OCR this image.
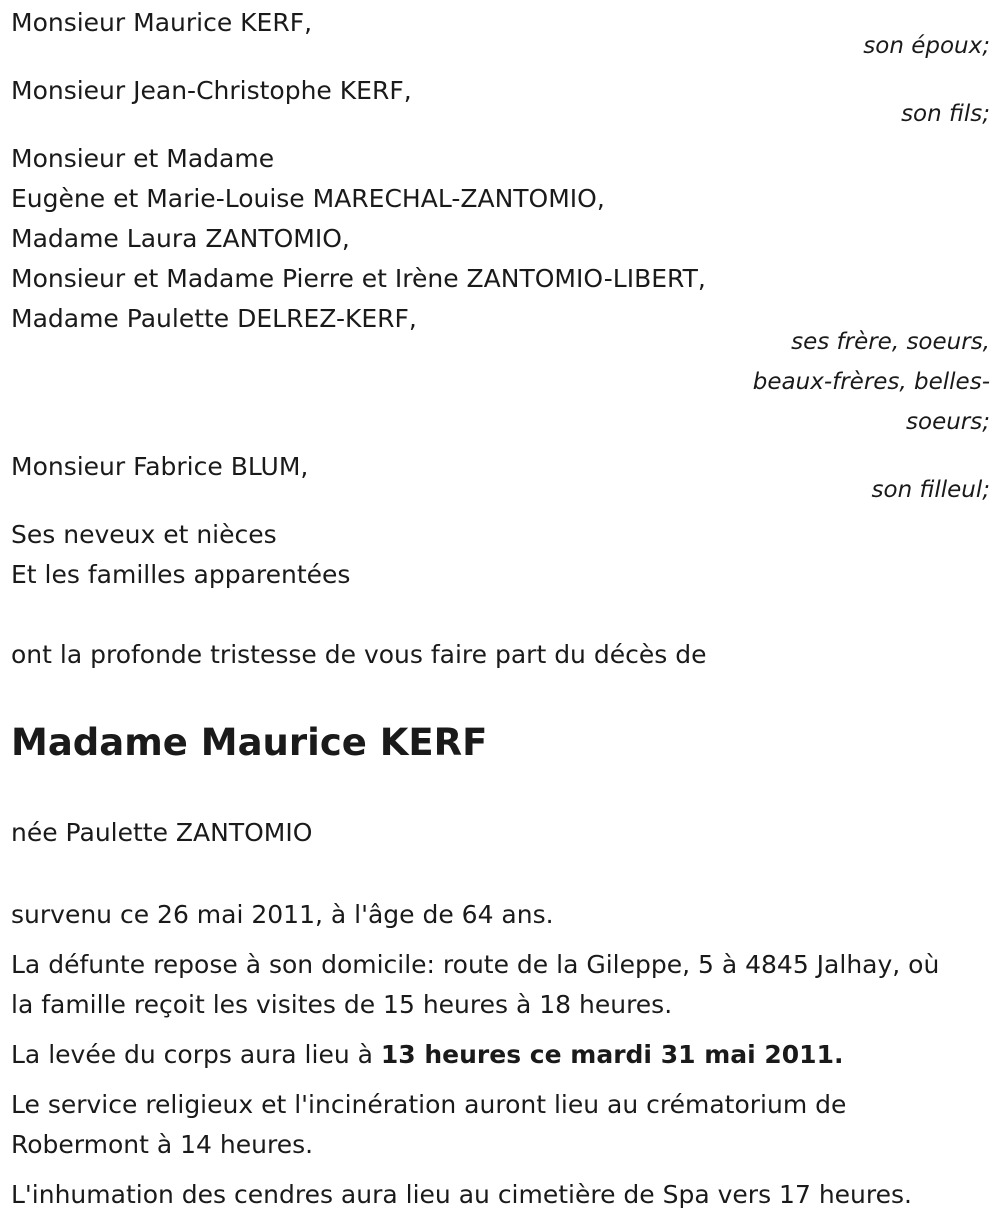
Monsieur Maurice KERF,
son époux;
Monsieur Jean-Christophe KERF,
son fils;
Monsieur et Madame
Eugène et Marie-Louise MARECHAL-ZANTOMIO,
Madame Laura ZANTOMIO,
Monsieur et Madame Pierre et Irène ZANTOMIO-LIBERT,
Madame Paulette DELREZ-KERF,
ses frère, soeurs,
beaux-frères, belles-
soeurs;
Monsieur Fabrice BLUM,
son filleul;
Ses neveux et nièces
Et les familles apparentées
ont la profonde tristesse de vous faire part du décès de
Madame Maurice KERF
née Paulette ZANTOMIO
survenu ce 26 mai 2011, à l'âge de 64 ans.
La défunte repose à son domicile: route de la Gileppe, 5 à 4845 Jalhay, où
la famille reçoit les visites de 15 heures à 18 heures.
La levée du corps aura lieu à 13 heures ce mardi 31 mai 2011.
Le service religieux et l'incinération auront lieu au crématorium de
Robermont à 14 heures.
L'inhumation des cendres aura lieu au cimetière de Spa vers 17 heures.
